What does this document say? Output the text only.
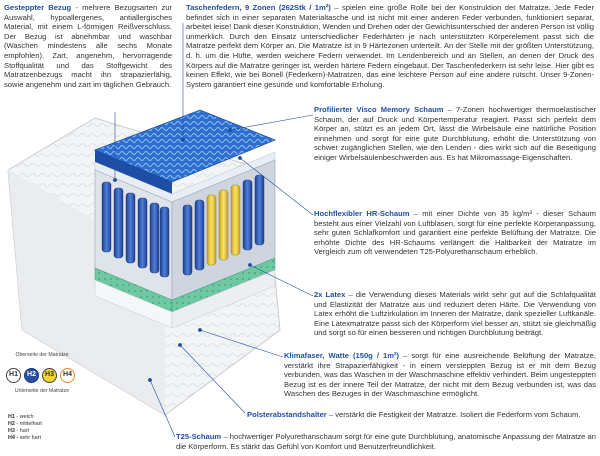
Gesteppter Bezug - mehrere Bezugsarten zur Auswahl, hypoallergenes, antiallergisches Material, mit einem L-förmigen Reißverschluss. Der Bezug ist abnehmbar und waschbar (Waschen mindestens alle sechs Monate empfohlen). Zart, angenehm, hervorragende Stoffqualität und das Stoffgewicht des Matratzenbezugs macht ihn strapazierfähig, sowie angenehm und zart im täglichen Gebrauch.

Taschenfedern, 9 Zonen (262Stk / 1m²) – spielen eine große Rolle bei der Konstruktion der Matratze. Jede Feder befindet sich in einer separaten Materialtasche und ist nicht mit einer anderen Feder verbunden, funktioniert separat, arbeitet leise! Dank dieser Konstruktion, Wenden und Drehen oder der Gewichtsunterschied der anderen Person ist völlig unmerklich. Durch den Einsatz unterschiedlicher Federhärten je nach unterstützten Körperelement passt sich die Matratze perfekt dem Körper an. Die Matratze ist in 9 Härtezonen unterteilt. An der Stelle mit der größten Unterstützung, d. h. um die Hüfte, werden weichere Federn verwendet. Im Lendenbereich und an Stellen, an denen der Druck des Körpers auf die Matratze geringer ist, werden härtere Federn eingebaut. Der Taschenfederkern ist sehr leise. Hier gibt es keinen Effekt, wie bei Bonell (Federkern)-Matratzen, das eine leichtere Person auf eine andere rutscht. Unser 9-Zonen-System garantiert eine gesunde und komfortable Erholung.

Profilierter Visco Memory Schaum – 7-Zonen hochwertiger thermoelastischer Schaum, der auf Druck und Körpertemperatur reagiert. Passt sich perfekt dem Körper an, stützt es an jedem Ort, lässt die Wirbelsäule eine natürliche Position einnehmen und sorgt für eine gute Durchblutung, erhöht die Unterstützung von schwer zugänglichen Stellen, wie den Lenden - dies wirkt sich auf die Beseitigung einiger Wirbelsäulenbeschwerden aus. Es hat Mikromassage-Eigenschaften.

Hochflexibler HR-Schaum – mit einer Dichte von 35 kg/m³ - dieser Schaum besteht aus einer Vielzahl von Luftblasen, sorgt für eine perfekte Körperanpassung, sehr guten Schlafkomfort und garantiert eine perfekte Belüftung der Matratze. Die erhöhte Dichte des HR-Schaums verlängert die Haltbarkeit der Matratze im Vergleich zum oft verwendeten T25-Polyurethanschaum erheblich.

2x Latex – die Verwendung dieses Materials wirkt sehr gut auf die Schlafqualität und Elastizität der Matratze aus und reduziert deren Härte. Die Verwendung von Latex erhöht die Luftzirkulation im Inneren der Matratze, dank spezieller Luftkanäle. Eine Latexmatratze passt sich der Körperform viel besser an, stützt sie gleichmäßig und sorgt so für einen besseren und richtigen Durchblutung beiträgt.

Klimafaser, Watte (150g / 1m²) – sorgt für eine ausreichende Belüftung der Matratze, verstärkt ihre Strapazierfähigkeit - in einem versteppten Bezug ist er mit dem Bezug verbunden, was das Waschen in der Waschmaschine effektiv verhindert. Beim ungesteppten Bezug ist es der innere Teil der Matratze, der nicht mit dem Bezug verbunden ist, was das Waschen des Bezuges in der Waschmaschine ermöglicht.

Polsterabstandshalter – verstärkt die Festigkeit der Matratze. Isoliert die Federform vom Schaum.

T25-Schaum – hochwertiger Polyurethanschaum sorgt für eine gute Durchblutung, anatomische Anpassung der Matratze an die Körperform. Es stärkt das Gefühl von Komfort und Benutzerfreundlichkeit.

Oberseite der Matratze
H1	H2	H3	H4
Unterseite der Matratze
H1 - weich
H2 - mittelhart
H3 - hart
H4 - sehr hart
